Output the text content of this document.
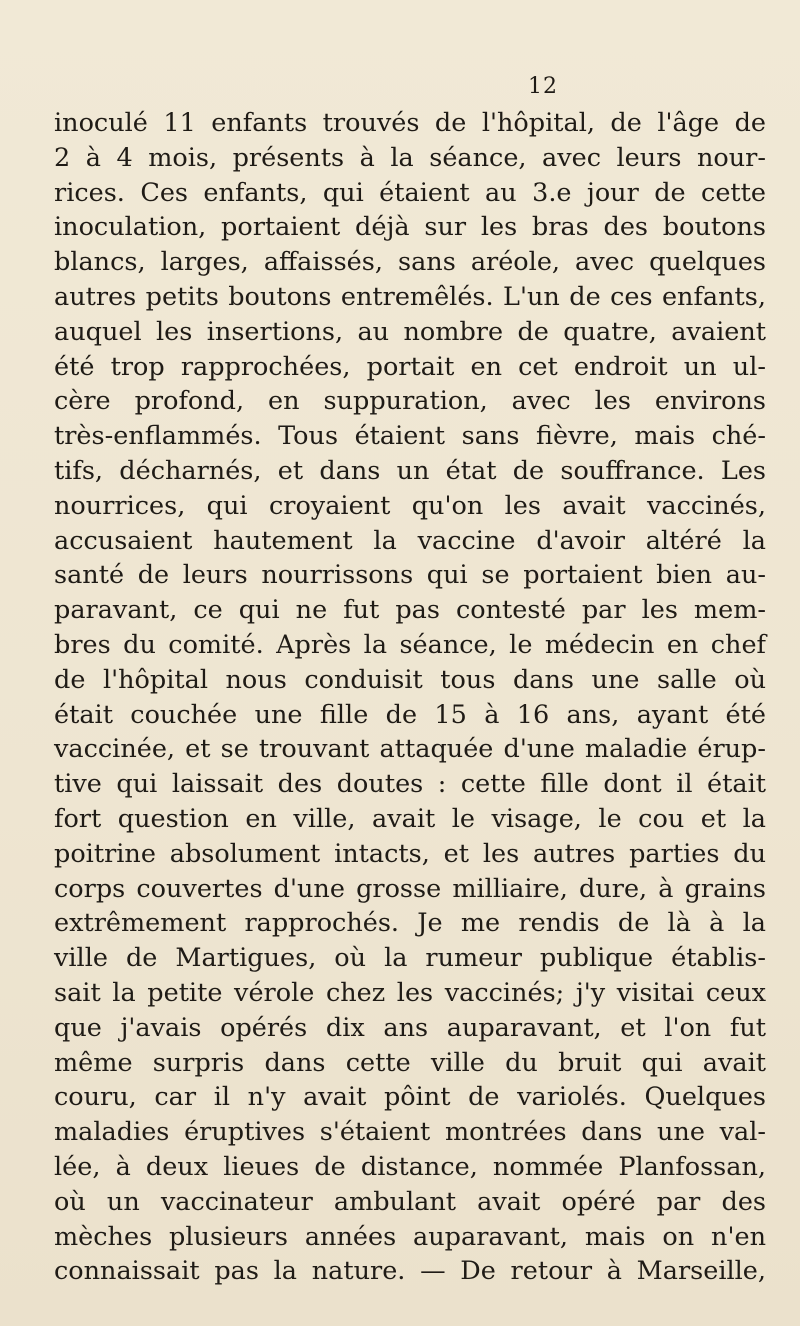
12
inoculé 11 enfants trouvés de l'hôpital, de l'âge de
2 à 4 mois, présents à la séance, avec leurs nour-
rices. Ces enfants, qui étaient au 3.e jour de cette
inoculation, portaient déjà sur les bras des boutons
blancs, larges, affaissés, sans aréole, avec quelques
autres petits boutons entremêlés. L'un de ces enfants,
auquel les insertions, au nombre de quatre, avaient
été trop rapprochées, portait en cet endroit un ul-
cère profond, en suppuration, avec les environs
très-enflammés. Tous étaient sans fièvre, mais ché-
tifs, décharnés, et dans un état de souffrance. Les
nourrices, qui croyaient qu'on les avait vaccinés,
accusaient hautement la vaccine d'avoir altéré la
santé de leurs nourrissons qui se portaient bien au-
paravant, ce qui ne fut pas contesté par les mem-
bres du comité. Après la séance, le médecin en chef
de l'hôpital nous conduisit tous dans une salle où
était couchée une fille de 15 à 16 ans, ayant été
vaccinée, et se trouvant attaquée d'une maladie érup-
tive qui laissait des doutes : cette fille dont il était
fort question en ville, avait le visage, le cou et la
poitrine absolument intacts, et les autres parties du
corps couvertes d'une grosse milliaire, dure, à grains
extrêmement rapprochés. Je me rendis de là à la
ville de Martigues, où la rumeur publique établis-
sait la petite vérole chez les vaccinés; j'y visitai ceux
que j'avais opérés dix ans auparavant, et l'on fut
même surpris dans cette ville du bruit qui avait
couru, car il n'y avait pôint de variolés. Quelques
maladies éruptives s'étaient montrées dans une val-
lée, à deux lieues de distance, nommée Planfossan,
où un vaccinateur ambulant avait opéré par des
mèches plusieurs années auparavant, mais on n'en
connaissait pas la nature. — De retour à Marseille,
